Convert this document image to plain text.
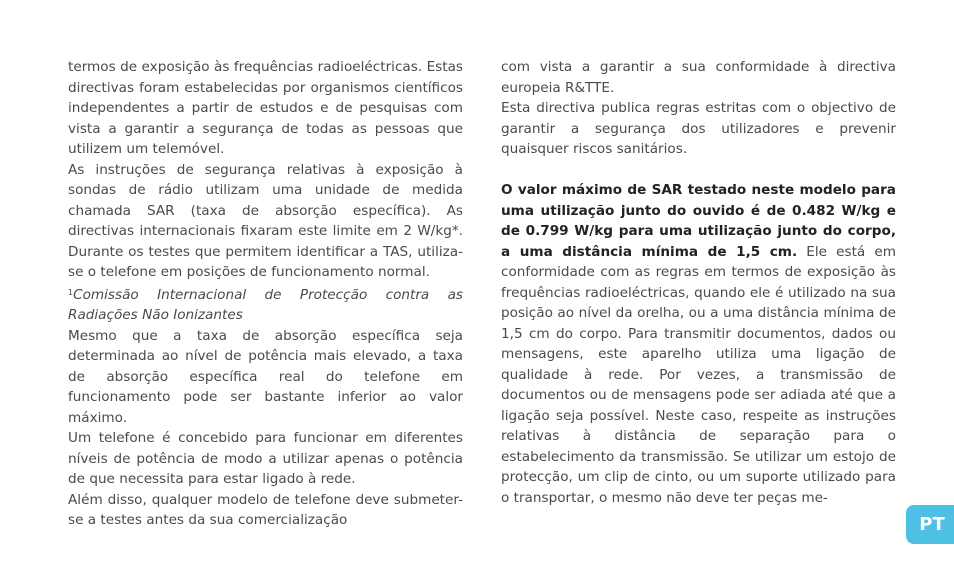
termos de exposição às frequências radioeléctricas. Estas directivas foram estabelecidas por organismos científicos independentes a partir de estudos e de pesquisas com vista a garantir a segurança de todas as pessoas que utilizem um telemóvel.

As instruções de segurança relativas à exposição à sondas de rádio utilizam uma unidade de medida chamada SAR (taxa de absorção específica). As directivas internacionais fixaram este limite em 2 W/kg*. Durante os testes que permitem identificar a TAS, utiliza-se o telefone em posições de funcionamento normal.

$^1$Comissão Internacional de Protecção contra as Radiações Não Ionizantes

Mesmo que a taxa de absorção específica seja determinada ao nível de potência mais elevado, a taxa de absorção específica real do telefone em funcionamento pode ser bastante inferior ao valor máximo.

Um telefone é concebido para funcionar em diferentes níveis de potência de modo a utilizar apenas o potência de que necessita para estar ligado à rede.

Além disso, qualquer modelo de telefone deve submeter-se a testes antes da sua comercialização

com vista a garantir a sua conformidade à directiva europeia R&TTE.

Esta directiva publica regras estritas com o objectivo de garantir a segurança dos utilizadores e prevenir quaisquer riscos sanitários.

O valor máximo de SAR testado neste modelo para uma utilização junto do ouvido é de 0.482 W/kg e de 0.799 W/kg para uma utilização junto do corpo, a uma distância mínima de 1,5 cm. Ele está em conformidade com as regras em termos de exposição às frequências radioeléctricas, quando ele é utilizado na sua posição ao nível da orelha, ou a uma distância mínima de 1,5 cm do corpo. Para transmitir documentos, dados ou mensagens, este aparelho utiliza uma ligação de qualidade à rede. Por vezes, a transmissão de documentos ou de mensagens pode ser adiada até que a ligação seja possível. Neste caso, respeite as instruções relativas à distância de separação para o estabelecimento da transmissão. Se utilizar um estojo de protecção, um clip de cinto, ou um suporte utilizado para o transportar, o mesmo não deve ter peças me-

PT
